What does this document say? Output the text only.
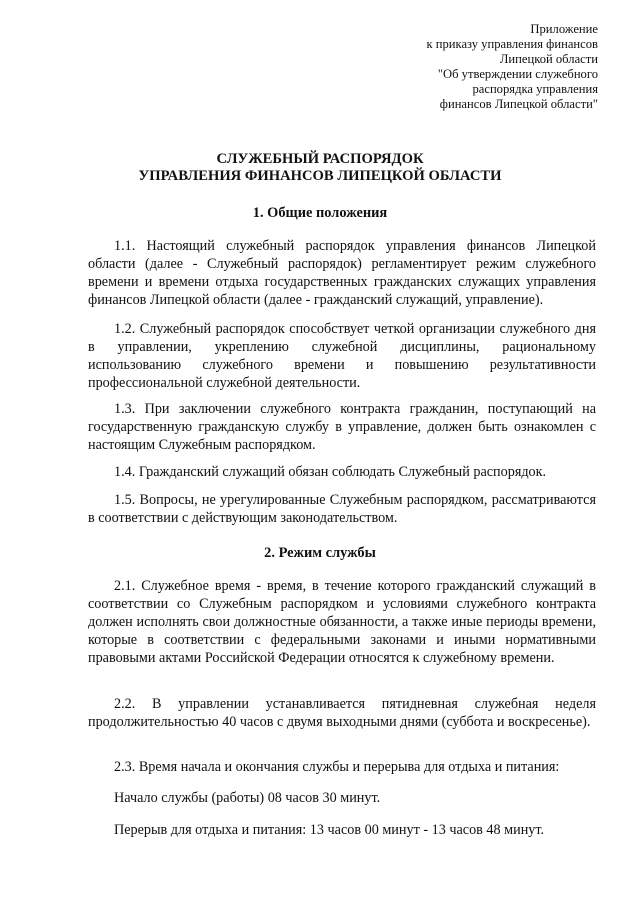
Приложение
к приказу управления финансов
Липецкой области
"Об утверждении служебного
распорядка управления
финансов Липецкой области"
СЛУЖЕБНЫЙ РАСПОРЯДОК
УПРАВЛЕНИЯ ФИНАНСОВ ЛИПЕЦКОЙ ОБЛАСТИ
1. Общие положения

1.1. Настоящий служебный распорядок управления финансов Липецкой области (далее - Служебный распорядок) регламентирует режим служебного времени и времени отдыха государственных гражданских служащих управления финансов Липецкой области (далее - гражданский служащий, управление).

1.2. Служебный распорядок способствует четкой организации служебного дня в управлении, укреплению служебной дисциплины, рациональному использованию служебного времени и повышению результативности профессиональной служебной деятельности.

1.3. При заключении служебного контракта гражданин, поступающий на государственную гражданскую службу в управление, должен быть ознакомлен с настоящим Служебным распорядком.

1.4. Гражданский служащий обязан соблюдать Служебный распорядок.

1.5. Вопросы, не урегулированные Служебным распорядком, рассматриваются в соответствии с действующим законодательством.

2. Режим службы

2.1. Служебное время - время, в течение которого гражданский служащий в соответствии со Служебным распорядком и условиями служебного контракта должен исполнять свои должностные обязанности, а также иные периоды времени, которые в соответствии с федеральными законами и иными нормативными правовыми актами Российской Федерации относятся к служебному времени.

2.2. В управлении устанавливается пятидневная служебная неделя продолжительностью 40 часов с двумя выходными днями (суббота и воскресенье).

2.3. Время начала и окончания службы и перерыва для отдыха и питания:

Начало службы (работы) 08 часов 30 минут.

Перерыв для отдыха и питания: 13 часов 00 минут - 13 часов 48 минут.
